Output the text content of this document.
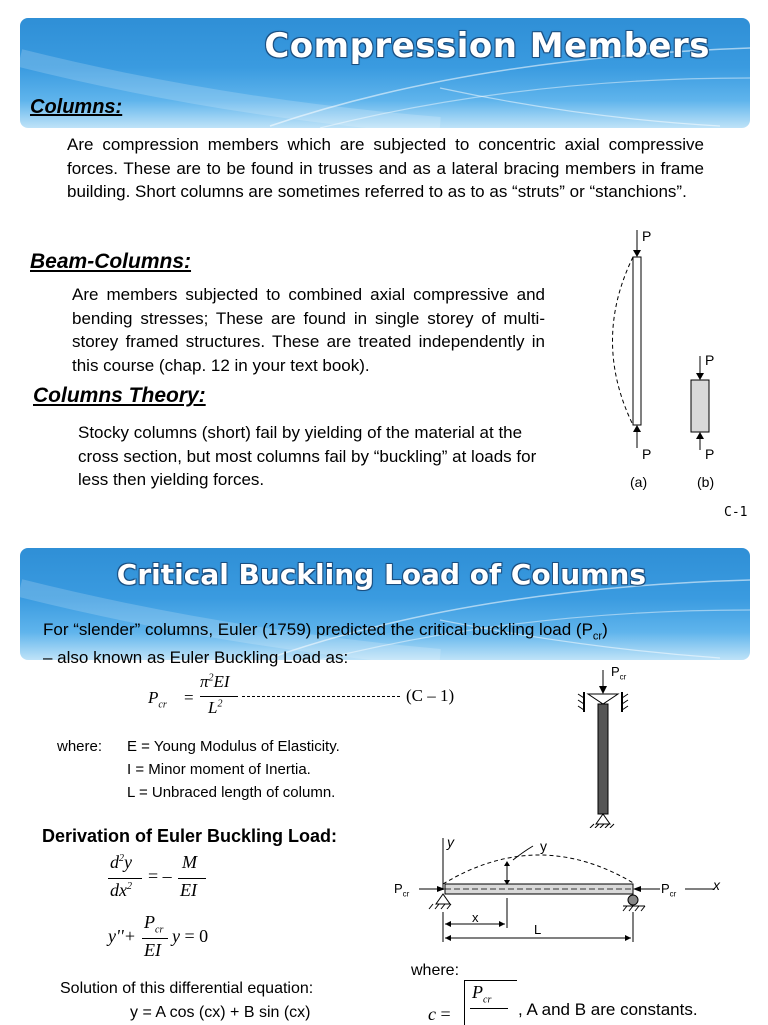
Compression Members
Columns:
Are compression members which are subjected to concentric axial compressive forces. These are to be found in trusses and as a lateral bracing members in frame building. Short columns are sometimes referred to as to as “struts” or “stanchions”.
Beam-Columns:
Are members subjected to combined axial compressive and bending stresses; These are found in single storey of multi-storey framed structures. These are treated independently in this course (chap. 12 in your text book).
Columns Theory:
Stocky columns (short) fail by yielding of the material at the cross section, but most columns fail by “buckling” at loads for less then yielding forces.
P
P
P
P
(a)	(b)
C-1
Critical Buckling Load of Columns
For “slender” columns, Euler (1759) predicted the critical buckling load $(P_{cr})$
– also known as Euler Buckling Load as:
$P_{cr}$ =
$\pi^2EI$
$L^2$	(C – 1)
where: E = Young Modulus of Elasticity.
I = Minor moment of Inertia.
L = Unbraced length of column.
$P_{cr}$
Derivation of Euler Buckling Load:
$d^2y$
$dx^2$
= –
M
EI
y''+
$P_{cr}$
EI
y = 0
y	y
x
$P_{cr}$	$P_{cr}$
x
L
where:
Solution of this differential equation:
y = A cos (cx) + B sin (cx)	c =
$P_{cr}$ , A and B are constants.
